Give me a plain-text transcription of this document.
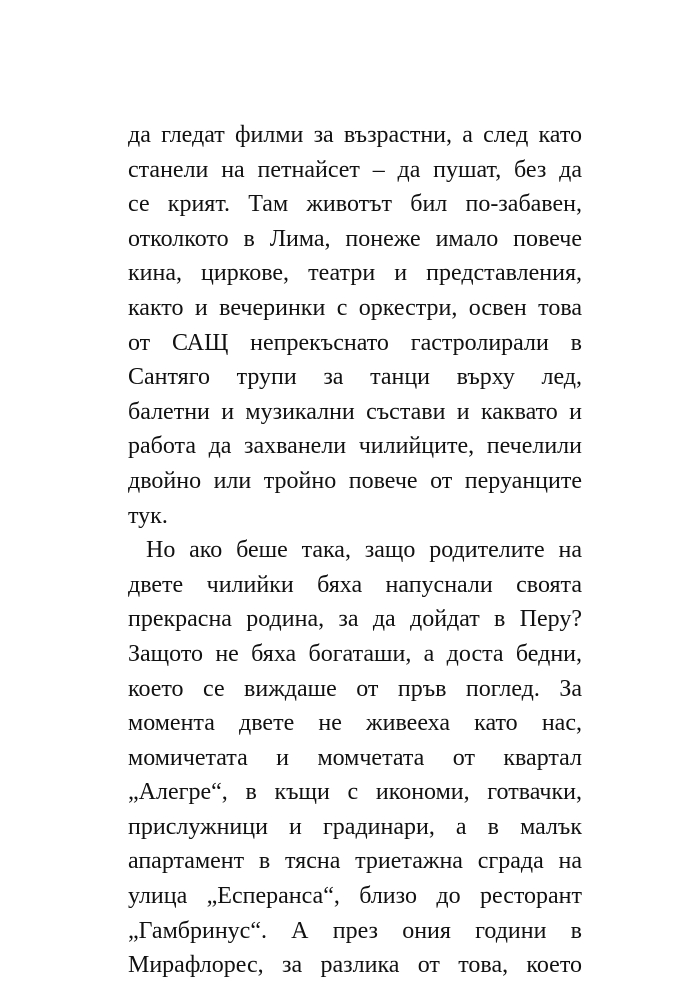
да гледат филми за възрастни, а след като
станели на петнайсет – да пушат, без да
се крият. Там животът бил по-забавен,
отколкото в Лима, понеже имало повече
кина, циркове, театри и представления,
както и вечеринки с оркестри, освен това
от САЩ непрекъснато гастролирали в
Сантяго трупи за танци върху лед,
балетни и музикални състави и каквато и
работа да захванели чилийците, печелили
двойно или тройно повече от перуанците
тук.
Но ако беше така, защо родителите на
двете чилийки бяха напуснали своята
прекрасна родина, за да дойдат в Перу?
Защото не бяха богаташи, а доста бедни,
което се виждаше от пръв поглед. За
момента двете не живееха като нас,
момичетата и момчетата от квартал
„Алегре“, в къщи с икономи, готвачки,
прислужници и градинари, а в малък
апартамент в тясна триетажна сграда на
улица „Есперанса“, близо до ресторант
„Гамбринус“. А през ония години в
Мирафлорес, за разлика от това, което
